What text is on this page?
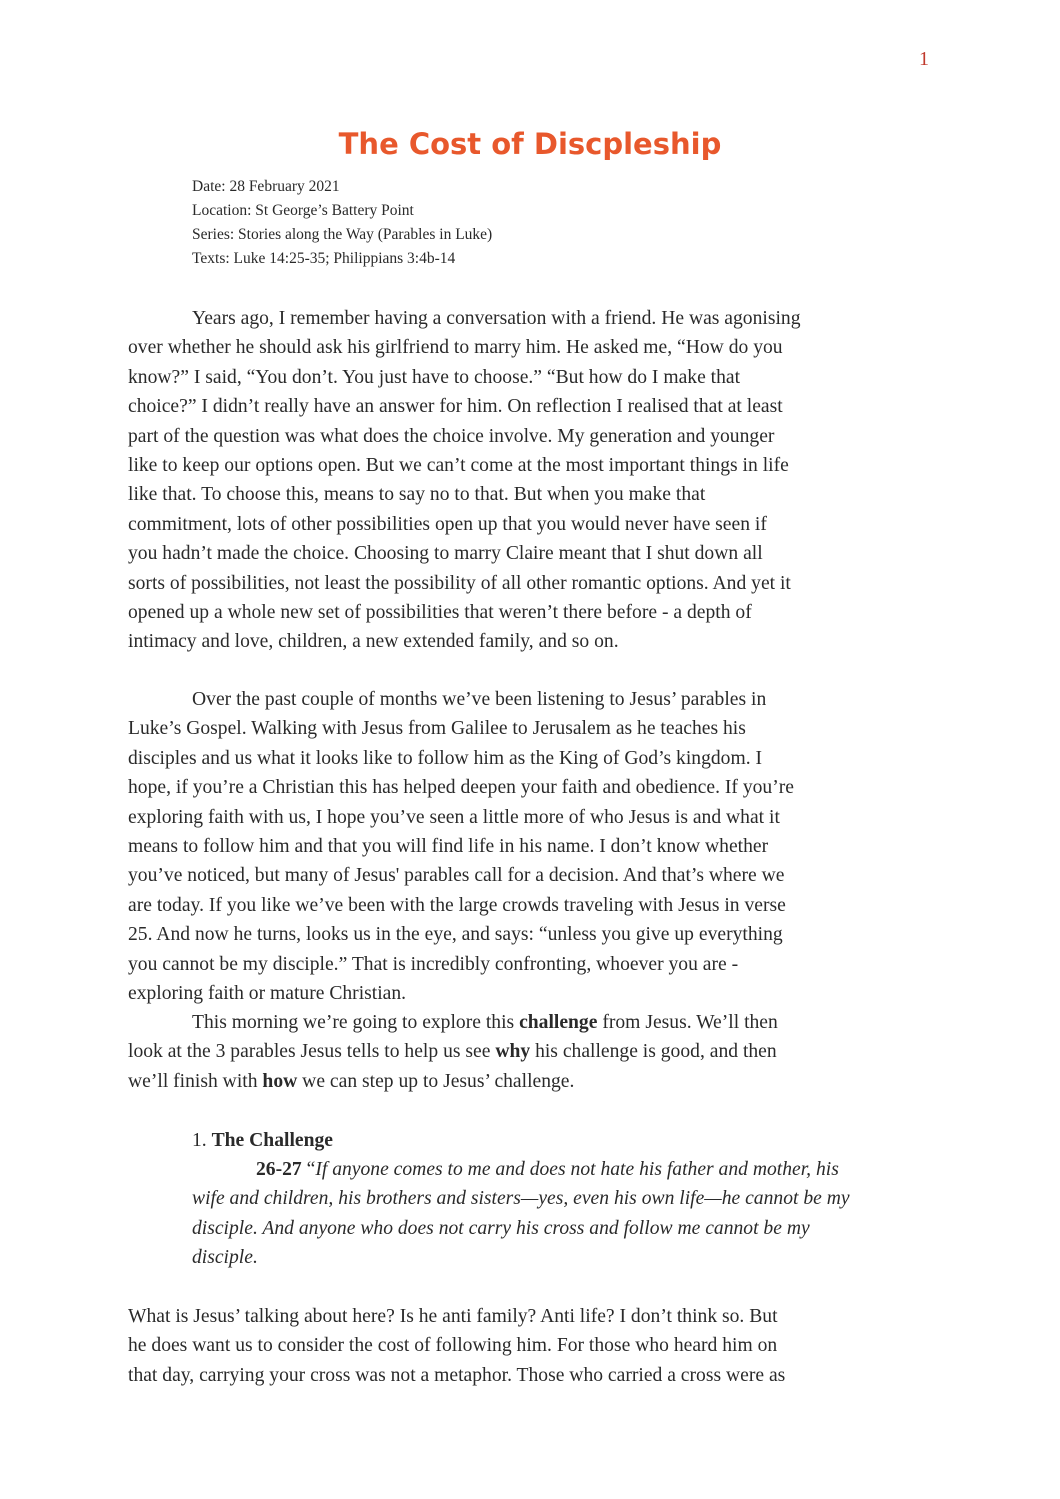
1
The Cost of Discpleship
Date: 28 February 2021
Location: St George’s Battery Point
Series: Stories along the Way (Parables in Luke)
Texts: Luke 14:25-35; Philippians 3:4b-14
Years ago, I remember having a conversation with a friend. He was agonising
over whether he should ask his girlfriend to marry him. He asked me, “How do you
know?” I said, “You don’t. You just have to choose.” “But how do I make that
choice?” I didn’t really have an answer for him. On reflection I realised that at least
part of the question was what does the choice involve. My generation and younger
like to keep our options open. But we can’t come at the most important things in life
like that. To choose this, means to say no to that. But when you make that
commitment, lots of other possibilities open up that you would never have seen if
you hadn’t made the choice. Choosing to marry Claire meant that I shut down all
sorts of possibilities, not least the possibility of all other romantic options. And yet it
opened up a whole new set of possibilities that weren’t there before - a depth of
intimacy and love, children, a new extended family, and so on.
Over the past couple of months we’ve been listening to Jesus’ parables in
Luke’s Gospel. Walking with Jesus from Galilee to Jerusalem as he teaches his
disciples and us what it looks like to follow him as the King of God’s kingdom. I
hope, if you’re a Christian this has helped deepen your faith and obedience. If you’re
exploring faith with us, I hope you’ve seen a little more of who Jesus is and what it
means to follow him and that you will find life in his name. I don’t know whether
you’ve noticed, but many of Jesus' parables call for a decision. And that’s where we
are today. If you like we’ve been with the large crowds traveling with Jesus in verse
25. And now he turns, looks us in the eye, and says: “unless you give up everything
you cannot be my disciple.” That is incredibly confronting, whoever you are -
exploring faith or mature Christian.
This morning we’re going to explore this challenge from Jesus. We’ll then
look at the 3 parables Jesus tells to help us see why his challenge is good, and then
we’ll finish with how we can step up to Jesus’ challenge.
1. The Challenge
26-27 “If anyone comes to me and does not hate his father and mother, his
wife and children, his brothers and sisters—yes, even his own life—he cannot be my
disciple. And anyone who does not carry his cross and follow me cannot be my
disciple.
What is Jesus’ talking about here? Is he anti family? Anti life? I don’t think so. But
he does want us to consider the cost of following him. For those who heard him on
that day, carrying your cross was not a metaphor. Those who carried a cross were as
